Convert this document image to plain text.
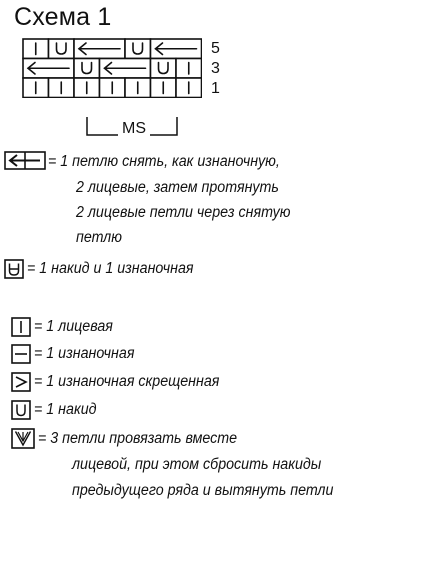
Схема 1
5
3
1
MS
= 1 петлю снять, как изнаночную,
2 лицевые, затем протянуть
2 лицевые петли через снятую
петлю
= 1 накид и 1 изнаночная
= 1 лицевая
= 1 изнаночная
= 1 изнаночная скрещенная
= 1 накид
= 3 петли провязать вместе
лицевой, при этом сбросить накиды
предыдущего ряда и вытянуть петли
